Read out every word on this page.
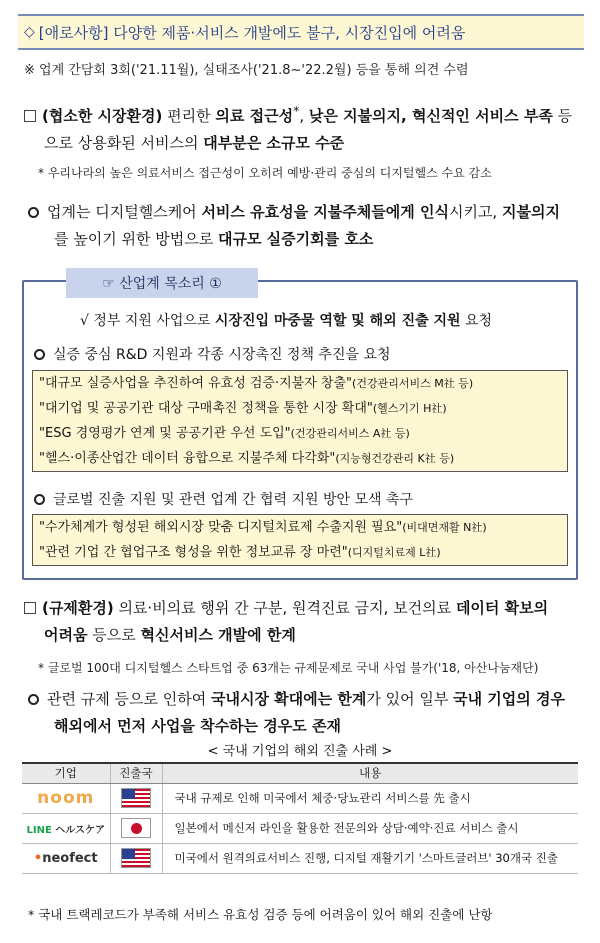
◇ [애로사항] 다양한 제품·서비스 개발에도 불구, 시장진입에 어려움
※ 업계 간담회 3회('21.11월), 실태조사('21.8~'22.2월) 등을 통해 의견 수렴
(협소한 시장환경) 편리한 의료 접근성*, 낮은 지불의지, 혁신적인 서비스 부족 등
으로 상용화된 서비스의 대부분은 소규모 수준
* 우리나라의 높은 의료서비스 접근성이 오히려 예방·관리 중심의 디지털헬스 수요 감소
업계는 디지털헬스케어 서비스 유효성을 지불주체들에게 인식시키고, 지불의지
를 높이기 위한 방법으로 대규모 실증기회를 호소
☞ 산업계 목소리 ①
√ 정부 지원 사업으로 시장진입 마중물 역할 및 해외 진출 지원 요청
실증 중심 R&D 지원과 각종 시장촉진 정책 추진을 요청
"대규모 실증사업을 추진하여 유효성 검증·지불자 창출"(건강관리서비스 M社 등)
"대기업 및 공공기관 대상 구매촉진 정책을 통한 시장 확대"(헬스기기 H社)
"ESG 경영평가 연계 및 공공기관 우선 도입"(건강관리서비스 A社 등)
"헬스·이종산업간 데이터 융합으로 지불주체 다각화"(지능형건강관리 K社 등)
글로벌 진출 지원 및 관련 업계 간 협력 지원 방안 모색 촉구
"수가체계가 형성된 해외시장 맞춤 디지털치료제 수출지원 필요"(비대면재활 N社)
"관련 기업 간 협업구조 형성을 위한 정보교류 장 마련"(디지털치료제 L社)
(규제환경) 의료·비의료 행위 간 구분, 원격진료 금지, 보건의료 데이터 확보의
어려움 등으로 혁신서비스 개발에 한계
* 글로벌 100대 디지털헬스 스타트업 중 63개는 규제문제로 국내 사업 불가('18, 아산나눔재단)
관련 규제 등으로 인하여 국내시장 확대에는 한계가 있어 일부 국내 기업의 경우
해외에서 먼저 사업을 착수하는 경우도 존재
< 국내 기업의 해외 진출 사례 >
기업	진출국	내용
noom		국내 규제로 인해 미국에서 체중·당뇨관리 서비스를 先 출시
LINE ヘルスケア		일본에서 메신저 라인을 활용한 전문의와 상담·예약·진료 서비스 출시
•neofect		미국에서 원격의료서비스 진행, 디지털 재활기기 '스마트글러브' 30개국 진출
* 국내 트랙레코드가 부족해 서비스 유효성 검증 등에 어려움이 있어 해외 진출에 난항
